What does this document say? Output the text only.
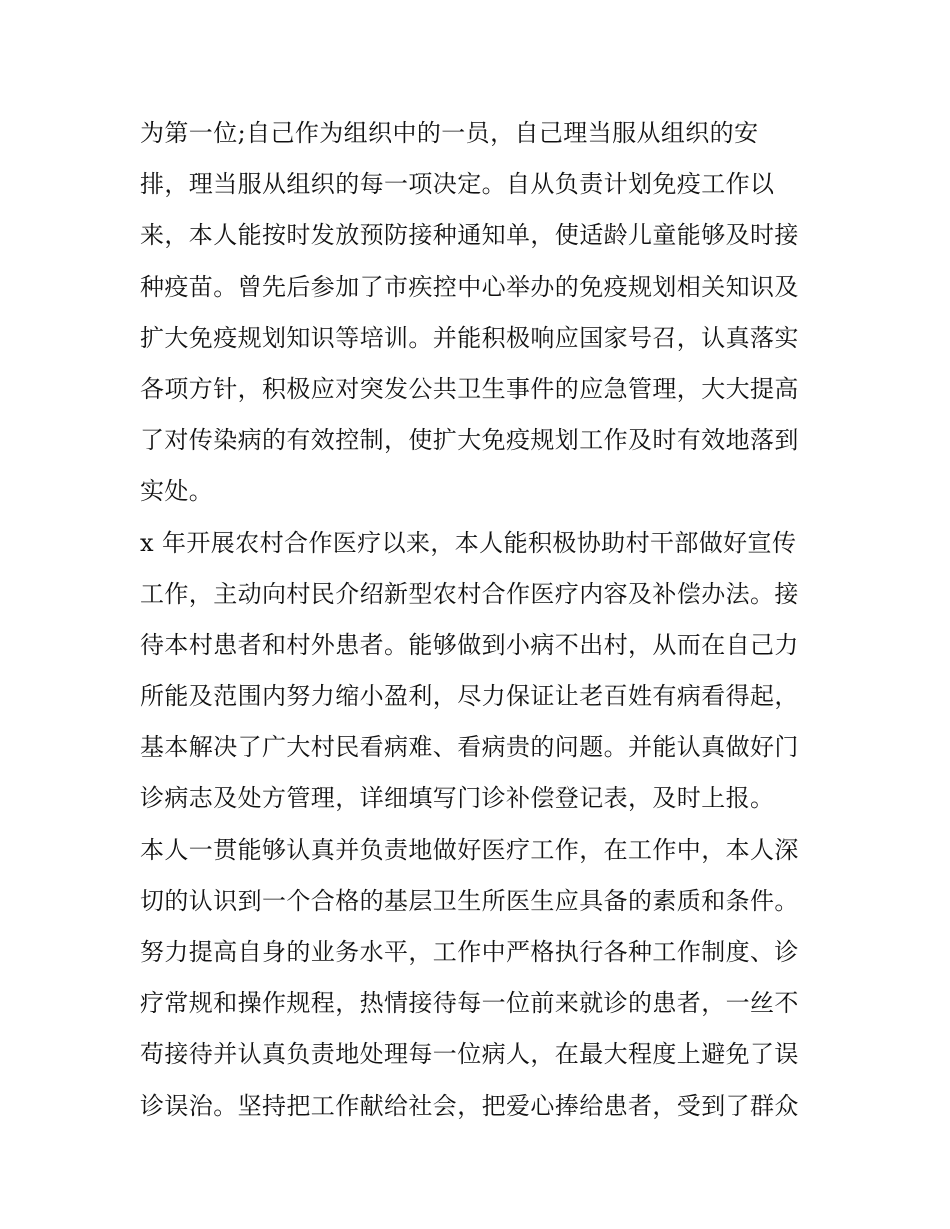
为第一位;自己作为组织中的一员，自己理当服从组织的安
排，理当服从组织的每一项决定。自从负责计划免疫工作以
来，本人能按时发放预防接种通知单，使适龄儿童能够及时接
种疫苗。曾先后参加了市疾控中心举办的免疫规划相关知识及
扩大免疫规划知识等培训。并能积极响应国家号召，认真落实
各项方针，积极应对突发公共卫生事件的应急管理，大大提高
了对传染病的有效控制，使扩大免疫规划工作及时有效地落到
实处。
x 年开展农村合作医疗以来，本人能积极协助村干部做好宣传
工作，主动向村民介绍新型农村合作医疗内容及补偿办法。接
待本村患者和村外患者。能够做到小病不出村，从而在自己力
所能及范围内努力缩小盈利，尽力保证让老百姓有病看得起，
基本解决了广大村民看病难、看病贵的问题。并能认真做好门
诊病志及处方管理，详细填写门诊补偿登记表，及时上报。
本人一贯能够认真并负责地做好医疗工作，在工作中，本人深
切的认识到一个合格的基层卫生所医生应具备的素质和条件。
努力提高自身的业务水平，工作中严格执行各种工作制度、诊
疗常规和操作规程，热情接待每一位前来就诊的患者，一丝不
苟接待并认真负责地处理每一位病人，在最大程度上避免了误
诊误治。坚持把工作献给社会，把爱心捧给患者，受到了群众
